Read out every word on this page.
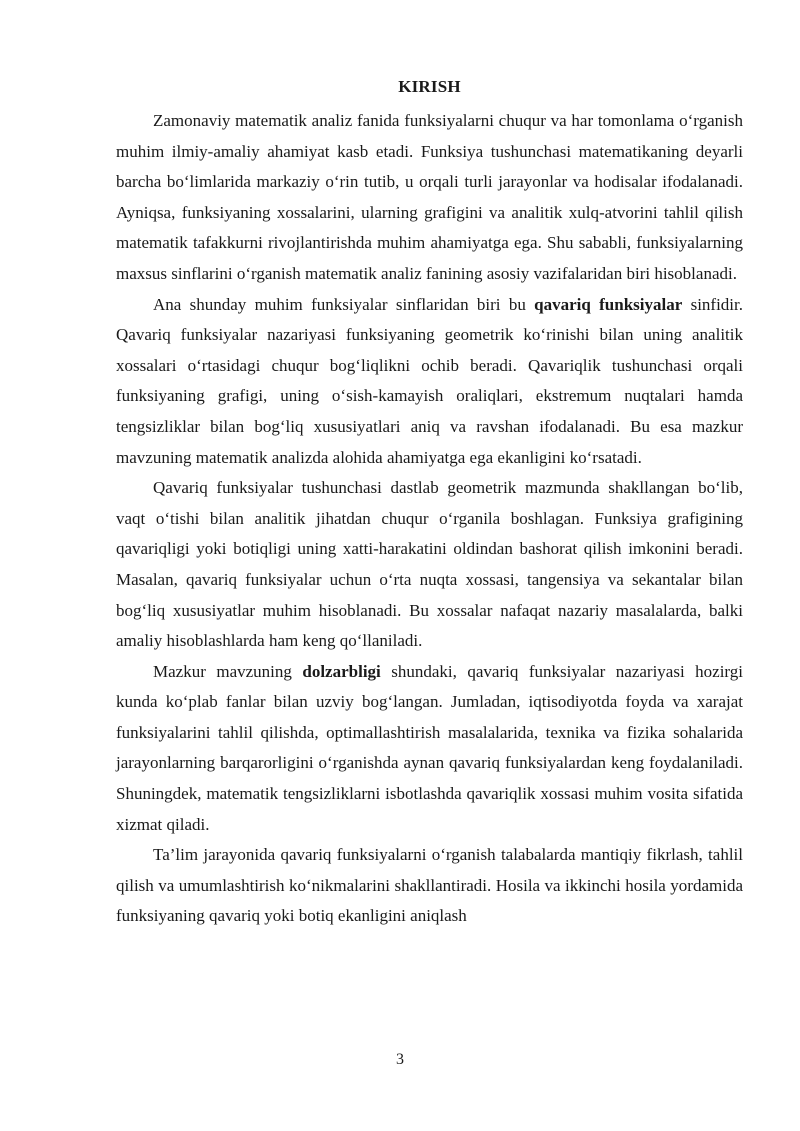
KIRISH

Zamonaviy matematik analiz fanida funksiyalarni chuqur va har tomonlama o‘rganish muhim ilmiy-amaliy ahamiyat kasb etadi. Funksiya tushunchasi matematikaning deyarli barcha bo‘limlarida markaziy o‘rin tutib, u orqali turli jarayonlar va hodisalar ifodalanadi. Ayniqsa, funksiyaning xossalarini, ularning grafigini va analitik xulq-atvorini tahlil qilish matematik tafakkurni rivojlantirishda muhim ahamiyatga ega. Shu sababli, funksiyalarning maxsus sinflarini o‘rganish matematik analiz fanining asosiy vazifalaridan biri hisoblanadi.

Ana shunday muhim funksiyalar sinflaridan biri bu qavariq funksiyalar sinfidir. Qavariq funksiyalar nazariyasi funksiyaning geometrik ko‘rinishi bilan uning analitik xossalari o‘rtasidagi chuqur bog‘liqlikni ochib beradi. Qavariqlik tushunchasi orqali funksiyaning grafigi, uning o‘sish-kamayish oraliqlari, ekstremum nuqtalari hamda tengsizliklar bilan bog‘liq xususiyatlari aniq va ravshan ifodalanadi. Bu esa mazkur mavzuning matematik analizda alohida ahamiyatga ega ekanligini ko‘rsatadi.

Qavariq funksiyalar tushunchasi dastlab geometrik mazmunda shakllangan bo‘lib, vaqt o‘tishi bilan analitik jihatdan chuqur o‘rganila boshlagan. Funksiya grafigining qavariqligi yoki botiqligi uning xatti-harakatini oldindan bashorat qilish imkonini beradi. Masalan, qavariq funksiyalar uchun o‘rta nuqta xossasi, tangensiya va sekantalar bilan bog‘liq xususiyatlar muhim hisoblanadi. Bu xossalar nafaqat nazariy masalalarda, balki amaliy hisoblashlarda ham keng qo‘llaniladi.

Mazkur mavzuning dolzarbligi shundaki, qavariq funksiyalar nazariyasi hozirgi kunda ko‘plab fanlar bilan uzviy bog‘langan. Jumladan, iqtisodiyotda foyda va xarajat funksiyalarini tahlil qilishda, optimallashtirish masalalarida, texnika va fizika sohalarida jarayonlarning barqarorligini o‘rganishda aynan qavariq funksiyalardan keng foydalaniladi. Shuningdek, matematik tengsizliklarni isbotlashda qavariqlik xossasi muhim vosita sifatida xizmat qiladi.

Ta’lim jarayonida qavariq funksiyalarni o‘rganish talabalarda mantiqiy fikrlash, tahlil qilish va umumlashtirish ko‘nikmalarini shakllantiradi. Hosila va ikkinchi hosila yordamida funksiyaning qavariq yoki botiq ekanligini aniqlash

3
